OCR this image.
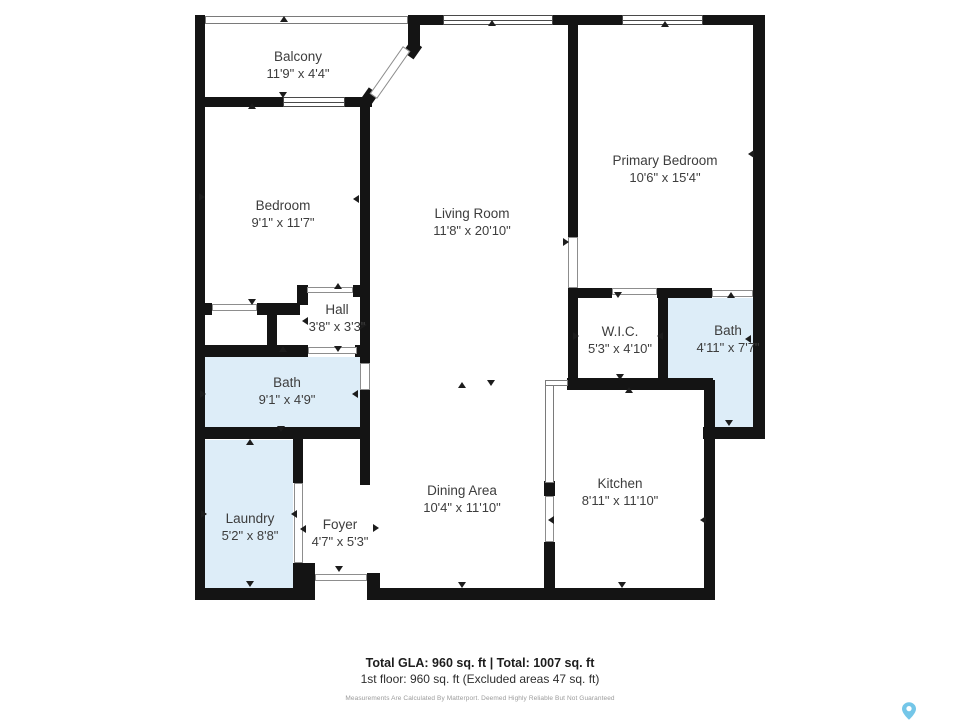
Balcony
11'9" x 4'4"
Bedroom
9'1" x 11'7"
Living Room
11'8" x 20'10"
Primary Bedroom
10'6" x 15'4"
Hall
3'8" x 3'3"	W.I.C.
5'3" x 4'10"
Bath
4'11" x 7'7"
Bath
9'1" x 4'9"
Laundry
5'2" x 8'8"
Foyer
4'7" x 5'3"
Dining Area
10'4" x 11'10"
Kitchen
8'11" x 11'10"
Total GLA: 960 sq. ft | Total: 1007 sq. ft
1st floor: 960 sq. ft (Excluded areas 47 sq. ft)
Measurements Are Calculated By Matterport. Deemed Highly Reliable But Not Guaranteed
